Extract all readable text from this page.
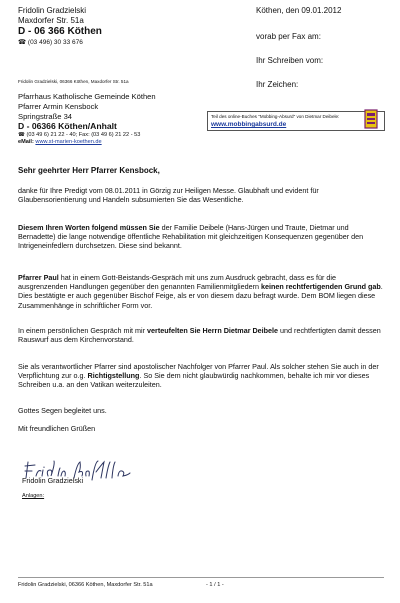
Fridolin Gradzielski
Maxdorfer Str. 51a
D - 06 366 Köthen
☎ (03 496) 30 33 676
Köthen, den 09.01.2012
vorab per Fax am:
Ihr Schreiben vom:
Ihr Zeichen:
Fridolin Gradzielski, 06366 Köthen, Maxdorfer Str. 51a
Pfarrhaus Katholische Gemeinde Köthen
Pfarrer Armin Kensbock
Springstraße 34
D - 06366 Köthen/Anhalt
☎ (03 49 6) 21 22 - 40; Fax: (03 49 6) 21 22 - 53
eMail: www.st-marien-koethen.de
Teil des online-Buches "Mobbing-Absurd" von Dietmar Deibele:
www.mobbingabsurd.de
Sehr geehrter Herr Pfarrer Kensbock,
danke für Ihre Predigt vom 08.01.2011 in Görzig zur Heiligen Messe. Glaubhaft und evident für Glaubensorientierung und Handeln subsumierten Sie das Wesentliche.
Diesem Ihren Worten folgend müssen Sie der Familie Deibele (Hans-Jürgen und Traute, Dietmar und Bernadette) die lange notwendige öffentliche Rehabilitation mit gleichzeitigen Konsequenzen gegenüber den Intrigeneinfedlern durchsetzen. Diese sind bekannt.
Pfarrer Paul hat in einem Gott-Beistands-Gespräch mit uns zum Ausdruck gebracht, dass es für die ausgrenzenden Handlungen gegenüber den genannten Familienmitgliedern keinen rechtfertigenden Grund gab. Dies bestätigte er auch gegenüber Bischof Feige, als er von diesem dazu befragt wurde. Dem BOM liegen diese Zusammenhänge in schriftlicher Form vor.
In einem persönlichen Gespräch mit mir verteufelten Sie Herrn Dietmar Deibele und rechtfertigten damit dessen Rauswurf aus dem Kirchenvorstand.
Sie als verantwortlicher Pfarrer sind apostolischer Nachfolger von Pfarrer Paul. Als solcher stehen Sie auch in der Verpflichtung zur o.g. Richtigstellung. So Sie dem nicht glaubwürdig nachkommen, behalte ich mir vor dieses Schreiben u.a. an den Vatikan weiterzuleiten.
Gottes Segen begleitet uns.
Mit freundlichen Grüßen
Fridolin Gradzielski
Anlagen:
Fridolin Gradzielski, 06366 Köthen, Maxdorfer Str. 51a	- 1 / 1 -
